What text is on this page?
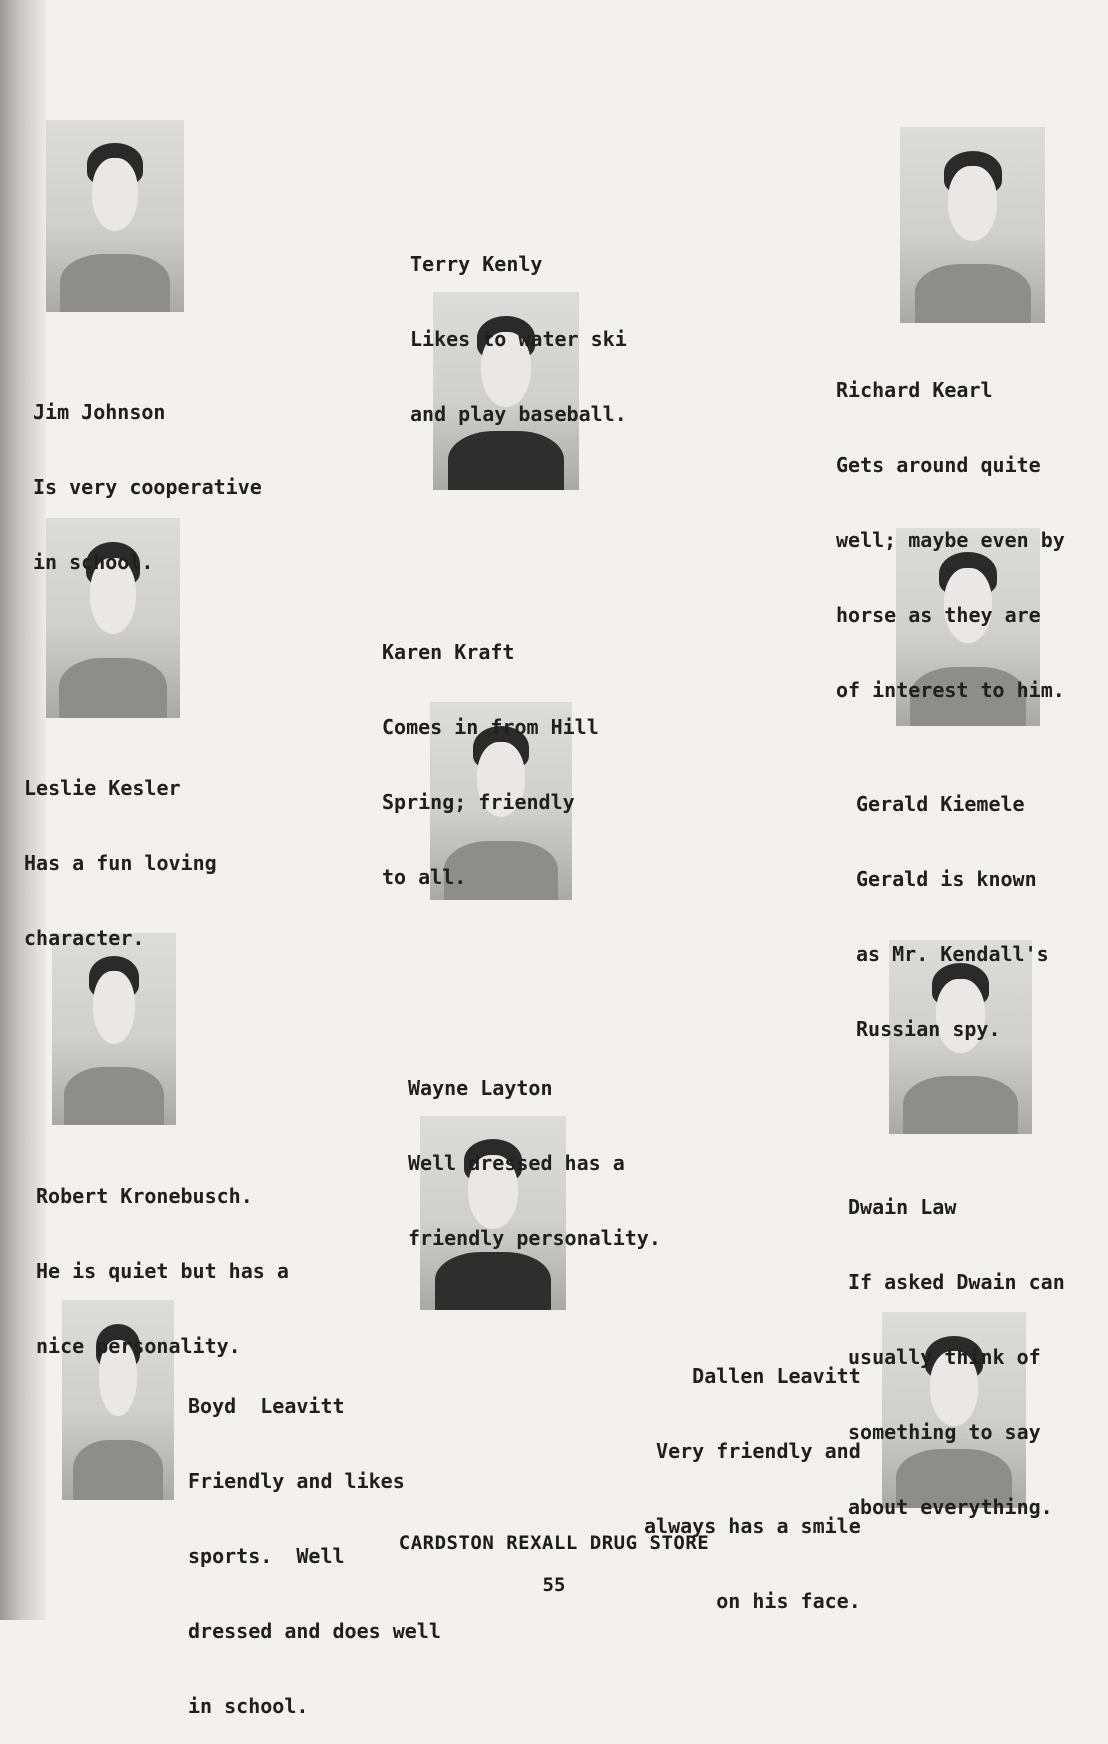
Jim Johnson

Is very cooperative

in school.

Terry Kenly

Likes to water ski

and play baseball.

Richard Kearl

Gets around quite

well; maybe even by

horse as they are

of interest to him.

Leslie Kesler

Has a fun loving

character.

Karen Kraft

Comes in from Hill

Spring; friendly

to all.

Gerald Kiemele

Gerald is known

as Mr. Kendall's

Russian spy.

Robert Kronebusch.

He is quiet but has a

nice personality.

Wayne Layton

Well dressed has a

friendly personality.

Dwain Law

If asked Dwain can

usually think of

something to say

about everything.

Boyd  Leavitt

Friendly and likes

sports.  Well

dressed and does well

in school.

Dallen Leavitt

Very friendly and

always has a smile

on his face.

CARDSTON REXALL DRUG STORE
55
